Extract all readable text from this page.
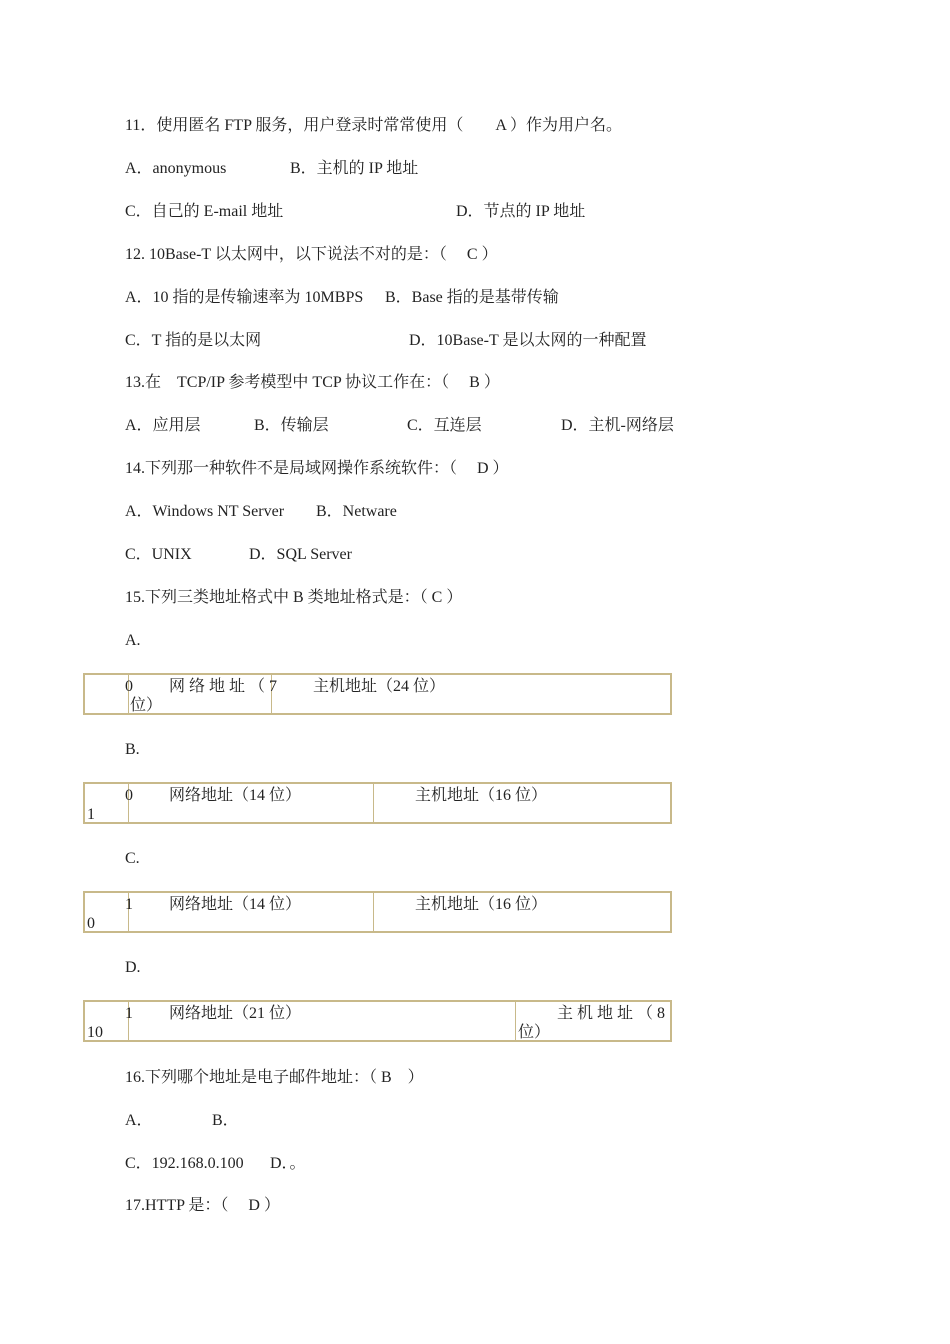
11．使用匿名 FTP 服务，用户登录时常常使用（　　A ）作为用户名。
A．anonymous	B．主机的 IP 地址
C．自己的 E-mail 地址	D．节点的 IP 地址
12. 10Base-T 以太网中，以下说法不对的是：（　 C ）
A．10 指的是传输速率为 10MBPS B．Base 指的是基带传输
C．T 指的是以太网	D．10Base-T 是以太网的一种配置
13.在　TCP/IP 参考模型中 TCP 协议工作在：（　 B ）
A．应用层	B．传输层	C．互连层	D．主机-网络层
14.下列那一种软件不是局域网操作系统软件：（　 D ）
A．Windows NT Server B．Netware
C．UNIX	D．SQL Server
15.下列三类地址格式中 B 类地址格式是：（ C ）
A.
0 网 络 地 址 （ 7
位）
主机地址（24 位）
B.
0
1
网络地址（14 位）	主机地址（16 位）
C.
1
0
网络地址（14 位）	主机地址（16 位）
D.
1
10
网络地址（21 位）	主 机 地 址 （ 8
位）
16.下列哪个地址是电子邮件地址：（ B　）
A．	B．
C．192.168.0.100 D．。
17.HTTP 是：（　 D ）
